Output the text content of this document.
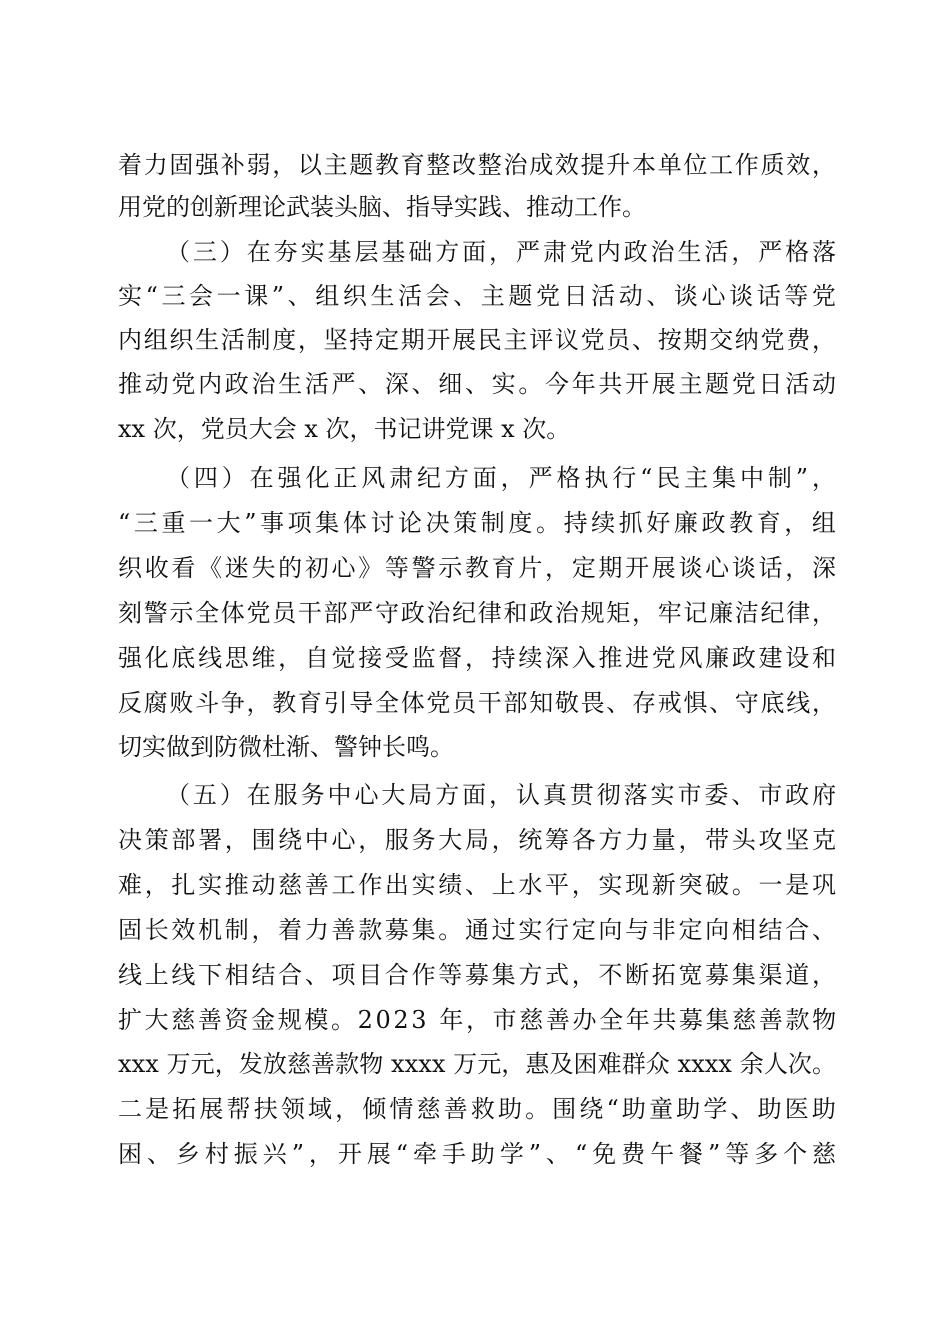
着力固强补弱，以主题教育整改整治成效提升本单位工作质效，
用党的创新理论武装头脑、指导实践、推动工作。
（三）在夯实基层基础方面，严肃党内政治生活，严格落
实“三会一课”、组织生活会、主题党日活动、谈心谈话等党
内组织生活制度，坚持定期开展民主评议党员、按期交纳党费，
推动党内政治生活严、深、细、实。今年共开展主题党日活动
xx 次，党员大会 x 次，书记讲党课 x 次。
（四）在强化正风肃纪方面，严格执行“民主集中制”，
“三重一大”事项集体讨论决策制度。持续抓好廉政教育，组
织收看《迷失的初心》等警示教育片，定期开展谈心谈话，深
刻警示全体党员干部严守政治纪律和政治规矩，牢记廉洁纪律，
强化底线思维，自觉接受监督，持续深入推进党风廉政建设和
反腐败斗争，教育引导全体党员干部知敬畏、存戒惧、守底线，
切实做到防微杜渐、警钟长鸣。
（五）在服务中心大局方面，认真贯彻落实市委、市政府
决策部署，围绕中心，服务大局，统筹各方力量，带头攻坚克
难，扎实推动慈善工作出实绩、上水平，实现新突破。一是巩
固长效机制，着力善款募集。通过实行定向与非定向相结合、
线上线下相结合、项目合作等募集方式，不断拓宽募集渠道，
扩大慈善资金规模。2023 年，市慈善办全年共募集慈善款物
xxx 万元，发放慈善款物 xxxx 万元，惠及困难群众 xxxx 余人次。
二是拓展帮扶领域，倾情慈善救助。围绕“助童助学、助医助
困、乡村振兴”，开展“牵手助学”、“免费午餐”等多个慈
